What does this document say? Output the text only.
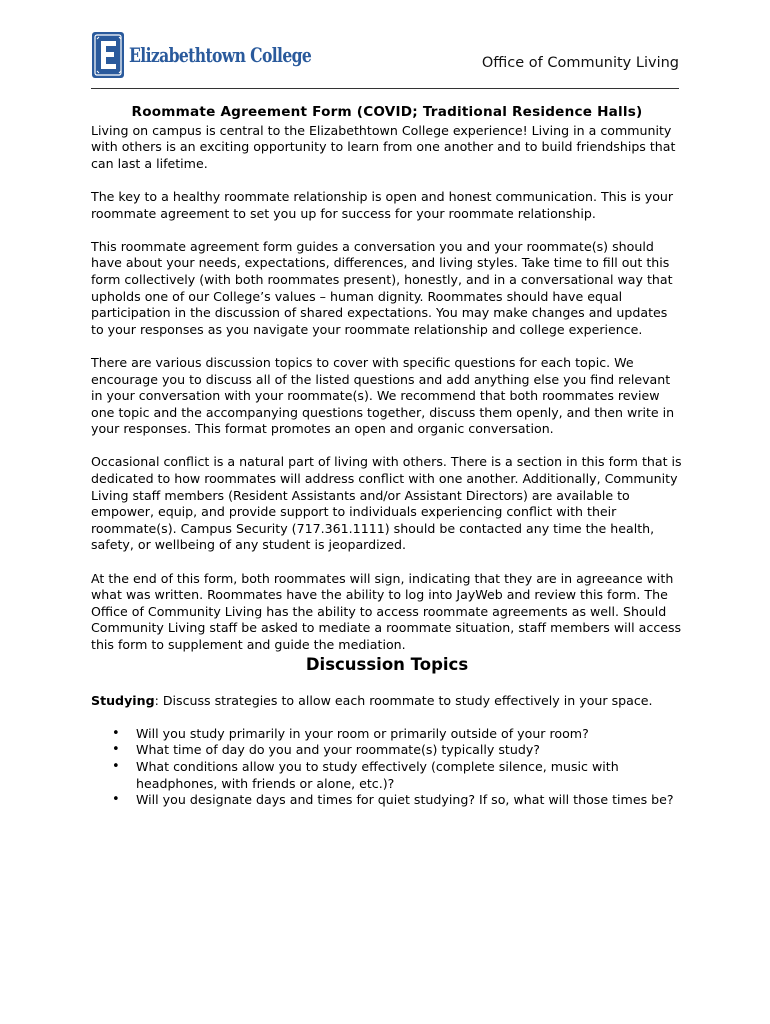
Elizabethtown College	Office of Community Living
Roommate Agreement Form (COVID; Traditional Residence Halls)

Living on campus is central to the Elizabethtown College experience! Living in a community with others is an exciting opportunity to learn from one another and to build friendships that can last a lifetime.

The key to a healthy roommate relationship is open and honest communication. This is your roommate agreement to set you up for success for your roommate relationship.

This roommate agreement form guides a conversation you and your roommate(s) should have about your needs, expectations, differences, and living styles. Take time to fill out this form collectively (with both roommates present), honestly, and in a conversational way that upholds one of our College’s values – human dignity. Roommates should have equal participation in the discussion of shared expectations. You may make changes and updates to your responses as you navigate your roommate relationship and college experience.

There are various discussion topics to cover with specific questions for each topic. We encourage you to discuss all of the listed questions and add anything else you find relevant in your conversation with your roommate(s). We recommend that both roommates review one topic and the accompanying questions together, discuss them openly, and then write in your responses. This format promotes an open and organic conversation.

Occasional conflict is a natural part of living with others. There is a section in this form that is dedicated to how roommates will address conflict with one another. Additionally, Community Living staff members (Resident Assistants and/or Assistant Directors) are available to empower, equip, and provide support to individuals experiencing conflict with their roommate(s). Campus Security (717.361.1111) should be contacted any time the health, safety, or wellbeing of any student is jeopardized.

At the end of this form, both roommates will sign, indicating that they are in agreeance with what was written. Roommates have the ability to log into JayWeb and review this form. The Office of Community Living has the ability to access roommate agreements as well. Should Community Living staff be asked to mediate a roommate situation, staff members will access this form to supplement and guide the mediation.

Discussion Topics

Studying: Discuss strategies to allow each roommate to study effectively in your space.

• Will you study primarily in your room or primarily outside of your room?
• What time of day do you and your roommate(s) typically study?
• What conditions allow you to study effectively (complete silence, music with headphones, with friends or alone, etc.)?
• Will you designate days and times for quiet studying? If so, what will those times be?
